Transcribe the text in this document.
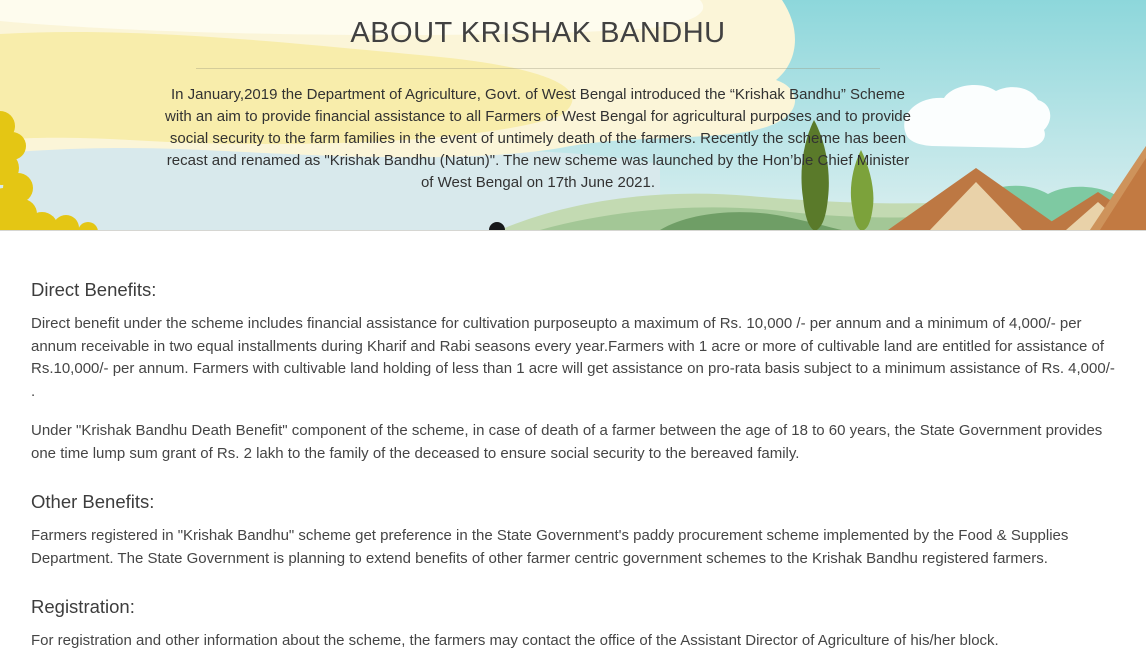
ABOUT KRISHAK BANDHU

In January,2019 the Department of Agriculture, Govt. of West Bengal introduced the “Krishak Bandhu” Scheme with an aim to provide financial assistance to all Farmers of West Bengal for agricultural purposes and to provide social security to the farm families in the event of untimely death of the farmers. Recently the scheme has been recast and renamed as "Krishak Bandhu (Natun)". The new scheme was launched by the Hon’ble Chief Minister of West Bengal on 17th June 2021.

Direct Benefits:

Direct benefit under the scheme includes financial assistance for cultivation purposeupto a maximum of Rs. 10,000 /- per annum and a minimum of 4,000/- per annum receivable in two equal installments during Kharif and Rabi seasons every year.Farmers with 1 acre or more of cultivable land are entitled for assistance of Rs.10,000/- per annum. Farmers with cultivable land holding of less than 1 acre will get assistance on pro-rata basis subject to a minimum assistance of Rs. 4,000/- .

Under "Krishak Bandhu Death Benefit" component of the scheme, in case of death of a farmer between the age of 18 to 60 years, the State Government provides one time lump sum grant of Rs. 2 lakh to the family of the deceased to ensure social security to the bereaved family.

Other Benefits:

Farmers registered in "Krishak Bandhu" scheme get preference in the State Government's paddy procurement scheme implemented by the Food & Supplies Department. The State Government is planning to extend benefits of other farmer centric government schemes to the Krishak Bandhu registered farmers.

Registration:

For registration and other information about the scheme, the farmers may contact the office of the Assistant Director of Agriculture of his/her block.
